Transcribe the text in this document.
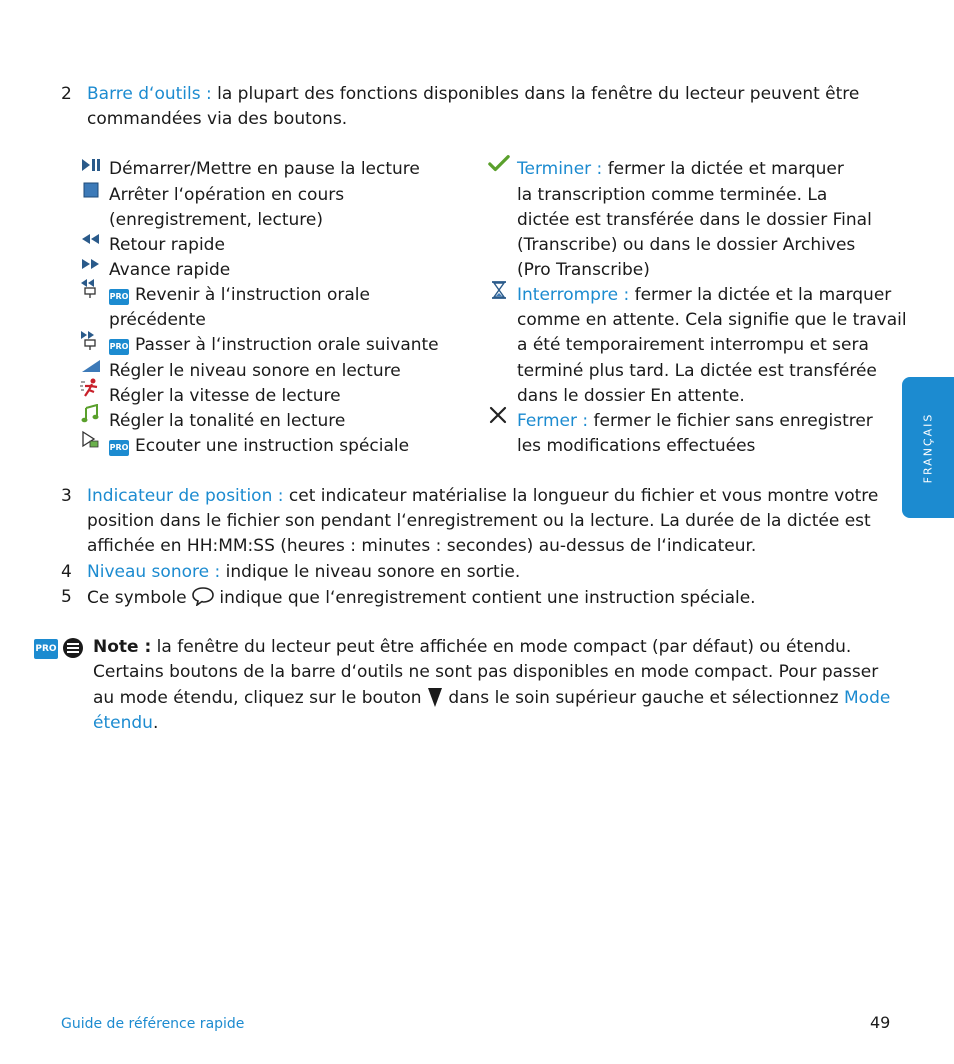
2 Barre d‘outils : la plupart des fonctions disponibles dans la fenêtre du lecteur peuvent être
commandées via des boutons.
Démarrer/Mettre en pause la lecture
Arrêter l‘opération en cours
(enregistrement, lecture)
Retour rapide
Avance rapide
PRO Revenir à l‘instruction orale
précédente
PRO Passer à l‘instruction orale suivante
Régler le niveau sonore en lecture
Régler la vitesse de lecture
Régler la tonalité en lecture
PRO Ecouter une instruction spéciale
Terminer : fermer la dictée et marquer
la transcription comme terminée. La
dictée est transférée dans le dossier Final
(Transcribe) ou dans le dossier Archives
(Pro Transcribe)
Interrompre : fermer la dictée et la marquer
comme en attente. Cela signifie que le travail
a été temporairement interrompu et sera
terminé plus tard. La dictée est transférée
dans le dossier En attente.
Fermer : fermer le fichier sans enregistrer
les modifications effectuées
3 Indicateur de position : cet indicateur matérialise la longueur du fichier et vous montre votre
position dans le fichier son pendant l‘enregistrement ou la lecture. La durée de la dictée est
affichée en HH:MM:SS (heures : minutes : secondes) au-dessus de l‘indicateur.
4 Niveau sonore : indique le niveau sonore en sortie.
5 Ce symbole  indique que l‘enregistrement contient une instruction spéciale.
PRO Note : la fenêtre du lecteur peut être affichée en mode compact (par défaut) ou étendu.
Certains boutons de la barre d‘outils ne sont pas disponibles en mode compact. Pour passer
au mode étendu, cliquez sur le bouton  dans le soin supérieur gauche et sélectionnez Mode
étendu.
FRANÇAIS
Guide de référence rapide	49
